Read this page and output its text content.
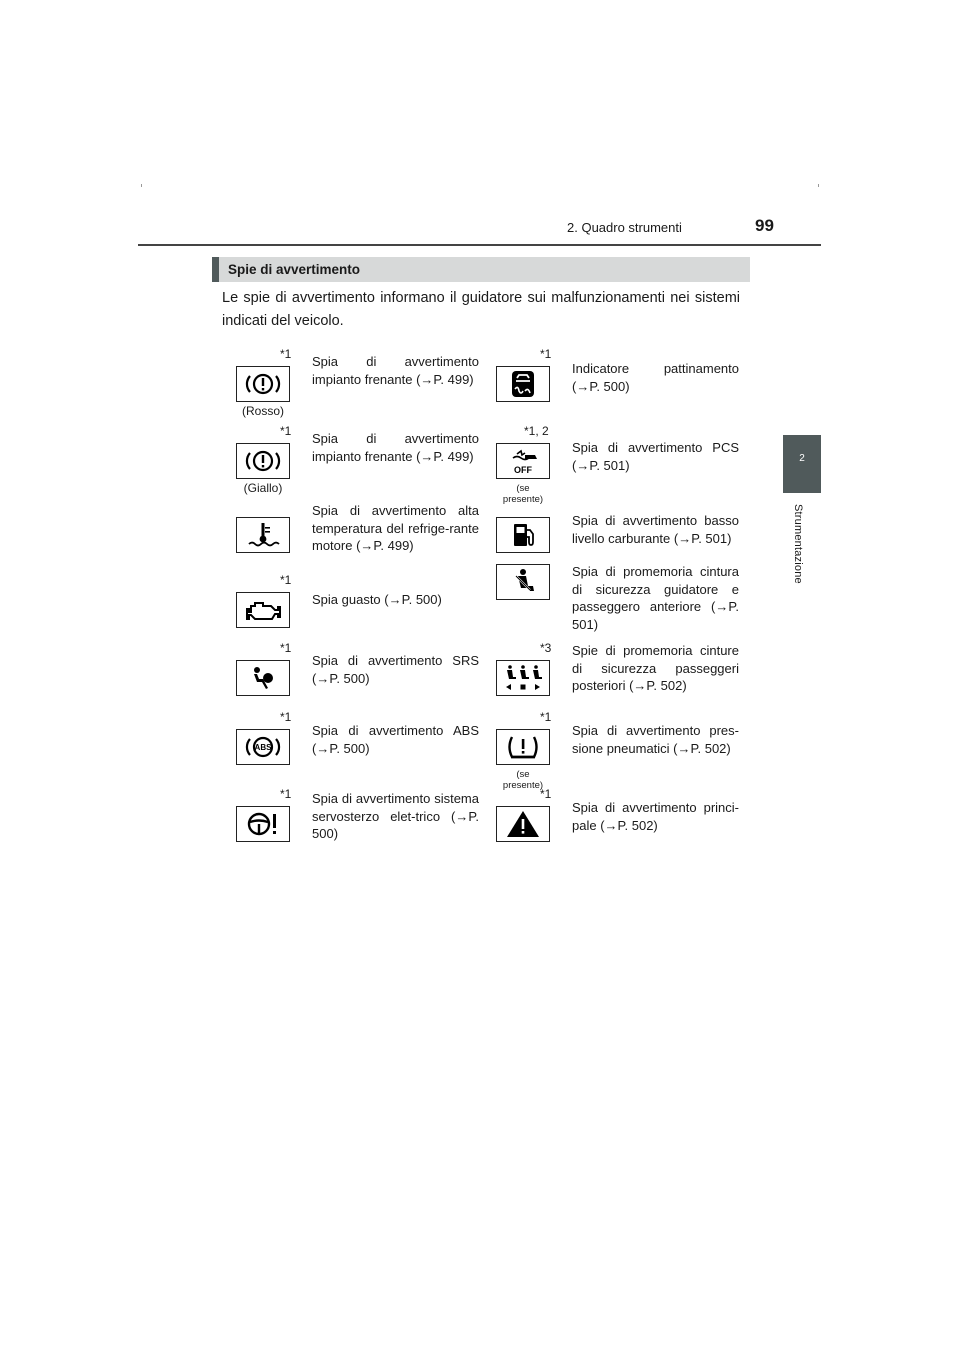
2. Quadro strumenti	99
2
Strumentazione
Spie di avvertimento
Le spie di avvertimento informano il guidatore sui malfunzionamenti nei sistemi indicati del veicolo.
*1
(Rosso)
Spia di avvertimento impianto frenante (→P. 499)
*1
(Giallo)
Spia di avvertimento impianto frenante (→P. 499)
Spia di avvertimento alta temperatura del refrige-rante motore (→P. 499)
*1
Spia guasto (→P. 500)
*1
Spia di avvertimento SRS (→P. 500)
*1
ABS
Spia di avvertimento ABS (→P. 500)
*1 Spia di avvertimento sistema servosterzo elet-trico (→P. 500)
*1
Indicatore pattinamento (→P. 500)
*1, 2
OFF
(se presente)
Spia di avvertimento PCS (→P. 501)
Spia di avvertimento basso livello carburante (→P. 501)
Spia di promemoria cintura di sicurezza guidatore e passeggero anteriore (→P. 501)
*3 Spie di promemoria cinture di sicurezza passeggeri posteriori (→P. 502)
*1
(se presente)
Spia di avvertimento pres-sione pneumatici (→P. 502)
*1
Spia di avvertimento princi-pale (→P. 502)
